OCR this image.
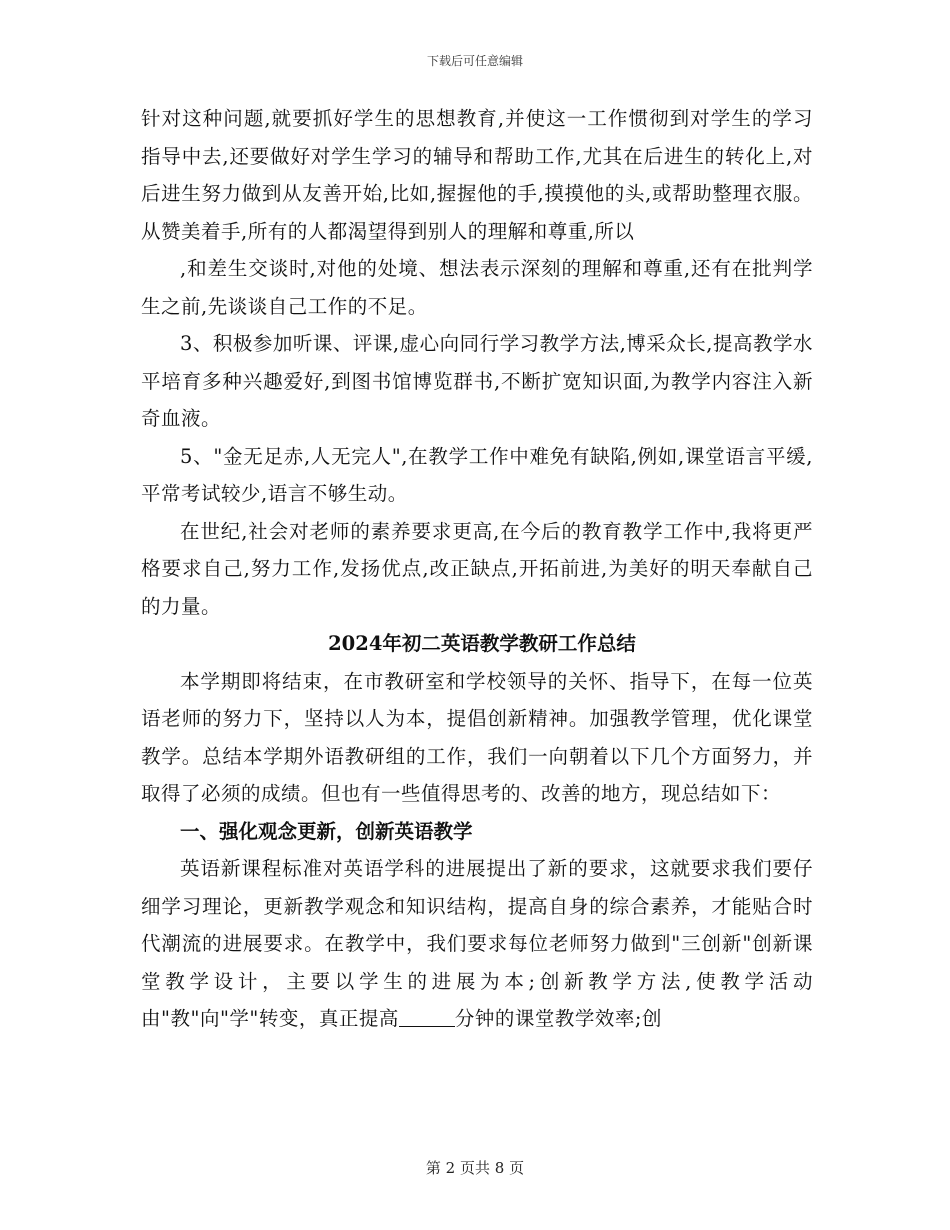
下载后可任意编辑

针对这种问题,就要抓好学生的思想教育,并使这一工作惯彻到对学生的学习指导中去,还要做好对学生学习的辅导和帮助工作,尤其在后进生的转化上,对后进生努力做到从友善开始,比如,握握他的手,摸摸他的头,或帮助整理衣服。从赞美着手,所有的人都渴望得到别人的理解和尊重,所以

,和差生交谈时,对他的处境、想法表示深刻的理解和尊重,还有在批判学生之前,先谈谈自己工作的不足。

3、积极参加听课、评课,虚心向同行学习教学方法,博采众长,提高教学水平培育多种兴趣爱好,到图书馆博览群书,不断扩宽知识面,为教学内容注入新奇血液。

5、"金无足赤,人无完人",在教学工作中难免有缺陷,例如,课堂语言平缓,平常考试较少,语言不够生动。

在世纪,社会对老师的素养要求更高,在今后的教育教学工作中,我将更严格要求自己,努力工作,发扬优点,改正缺点,开拓前进,为美好的明天奉献自己的力量。

2024年初二英语教学教研工作总结

本学期即将结束，在市教研室和学校领导的关怀、指导下，在每一位英语老师的努力下，坚持以人为本，提倡创新精神。加强教学管理，优化课堂教学。总结本学期外语教研组的工作，我们一向朝着以下几个方面努力，并取得了必须的成绩。但也有一些值得思考的、改善的地方，现总结如下：

一、强化观念更新，创新英语教学

英语新课程标准对英语学科的进展提出了新的要求，这就要求我们要仔细学习理论，更新教学观念和知识结构，提高自身的综合素养，才能贴合时代潮流的进展要求。在教学中，我们要求每位老师努力做到"三创新"创新课堂教学设计，主要以学生的进展为本;创新教学方法,使教学活动由"教"向"学"转变，真正提高	分钟的课堂教学效率;创

第 2 页共 8 页
